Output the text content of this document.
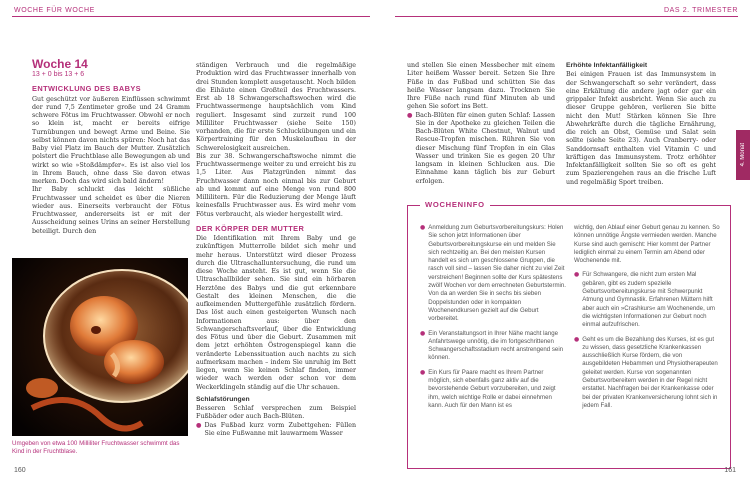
WOCHE FÜR WOCHE	DAS 2. TRIMESTER
Woche 14
13 + 0 bis 13 + 6
ENTWICKLUNG DES BABYS

Gut geschützt vor äußeren Einflüssen schwimmt der rund 7,5 Zentimeter große und 24 Gramm schwere Fötus im Fruchtwasser. Obwohl er noch so klein ist, macht er bereits eifrige Turnübungen und bewegt Arme und Beine. Sie selbst können davon nichts spüren: Noch hat das Baby viel Platz im Bauch der Mutter. Zusätzlich polstert die Fruchtblase alle Bewegungen ab und wirkt so wie »Stoßdämpfer«. Es ist also viel los in Ihrem Bauch, ohne dass Sie davon etwas merken. Doch das wird sich bald ändern!

Ihr Baby schluckt das leicht süßliche Fruchtwasser und scheidet es über die Nieren wieder aus. Einerseits verbraucht der Fötus Fruchtwasser, andererseits ist er mit der Ausscheidung seines Urins an seiner Herstellung beteiligt. Durch den

Umgeben von etwa 100 Milliliter Fruchtwasser schwimmt das Kind in der Fruchtblase.

ständigen Verbrauch und die regelmäßige Produktion wird das Fruchtwasser innerhalb von drei Stunden komplett ausgetauscht. Noch bilden die Eihäute einen Großteil des Fruchtwassers. Erst ab 18 Schwangerschaftswochen wird die Fruchtwassermenge hauptsächlich vom Kind reguliert. Insgesamt sind zurzeit rund 100 Milliliter Fruchtwasser (siehe Seite 150) vorhanden, die für erste Schluckübungen und ein Körpertraining für den Muskelaufbau in der Schwerelosigkeit ausreichen.

Bis zur 38. Schwangerschaftswoche nimmt die Fruchtwassermenge weiter zu und erreicht bis zu 1,5 Liter. Aus Platzgründen nimmt das Fruchtwasser dann noch einmal bis zur Geburt ab und kommt auf eine Menge von rund 800 Millilitern. Für die Reduzierung der Menge läuft keinesfalls Fruchtwasser aus. Es wird mehr vom Fötus verbraucht, als wieder hergestellt wird.

DER KÖRPER DER MUTTER

Die Identifikation mit Ihrem Baby und ge zukünftigen Mutterrolle bildet sich mehr und mehr heraus. Unterstützt wird dieser Prozess durch die Ultraschalluntersuchung, die rund um diese Woche ansteht. Es ist gut, wenn Sie die Ultraschallbilder sehen. Sie sind ein hörbaren Herztöne des Babys und die gut erkennbare Gestalt des kleinen Menschen, die die aufkeimenden Muttergefühle zusätzlich fördern. Das löst auch einen gesteigerten Wunsch nach Informationen aus: über den Schwangerschaftsverlauf, über die Entwicklung des Fötus und über die Geburt. Zusammen mit dem jetzt erhöhten Östrogenspiegel kann die veränderte Lebenssituation auch nachts zu sich aufmerksam machen – indem Sie unruhig im Bett liegen, wenn Sie keinen Schlaf finden, immer wieder wach werden oder schon vor dem Weckerklingeln ständig auf die Uhr schauen.

Schlafstörungen

Besseren Schlaf versprechen zum Beispiel Fußbäder oder auch Bach-Blüten.

● Das Fußbad kurz vorm Zubettgehen: Füllen Sie eine Fußwanne mit lauwarmem Wasser

und stellen Sie einen Messbecher mit einem Liter heißem Wasser bereit. Setzen Sie Ihre Füße in das Fußbad und schütten Sie das heiße Wasser langsam dazu. Trocknen Sie Ihre Füße nach rund fünf Minuten ab und gehen Sie sofort ins Bett.

● Bach-Blüten für einen guten Schlaf: Lassen Sie in der Apotheke zu gleichen Teilen die Bach-Blüten White Chestnut, Walnut und Rescue-Tropfen mischen. Rühren Sie von dieser Mischung fünf Tropfen in ein Glas Wasser und trinken Sie es gegen 20 Uhr langsam in kleinen Schlucken aus. Die Einnahme kann täglich bis zur Geburt erfolgen.
Erhöhte Infektanfälligkeit

Bei einigen Frauen ist das Immunsystem in der Schwangerschaft so sehr verändert, dass eine Erkältung die andere jagt oder gar ein grippaler Infekt ausbricht. Wenn Sie auch zu dieser Gruppe gehören, verlieren Sie bitte nicht den Mut! Stärken können Sie Ihre Abwehrkräfte durch die tägliche Ernährung, die reich an Obst, Gemüse und Salat sein sollte (siehe Seite 23). Auch Cranberry- oder Sanddornsaft enthalten viel Vitamin C und kräftigen das Immunsystem. Trotz erhöhter Infektanfälligkeit sollten Sie so oft es geht zum Spazierengehen raus an die frische Luft und regelmäßig Sport treiben.

4. Monat
WOCHENINFO

● Anmeldung zum Geburtsvorbereitungskurs: Holen Sie schon jetzt Informationen über Geburtsvorbereitungskurse ein und melden Sie sich rechtzeitig an. Bei den meisten Kursen handelt es sich um geschlossene Gruppen, die rasch voll sind – lassen Sie daher nicht zu viel Zeit verstreichen! Beginnen sollte der Kurs spätestens zwölf Wochen vor dem errechneten Geburtstermin. Von da an werden Sie in sechs bis sieben Doppelstunden oder in kompakten Wochenendkursen gezielt auf die Geburt vorbereitet.

● Ein Veranstaltungsort in Ihrer Nähe macht lange Anfahrtswege unnötig, die im fortgeschrittenen Schwangerschaftsstadium recht anstrengend sein können.

● Ein Kurs für Paare macht es Ihrem Partner möglich, sich ebenfalls ganz aktiv auf die bevorstehende Geburt vorzubereiten, und zeigt ihm, welch wichtige Rolle er dabei einnehmen kann. Auch für den Mann ist es

wichtig, den Ablauf einer Geburt genau zu kennen. So können unnötige Ängste vermieden werden. Manche Kurse sind auch gemischt: Hier kommt der Partner lediglich einmal zu einem Termin am Abend oder Wochenende mit.

● Für Schwangere, die nicht zum ersten Mal gebären, gibt es zudem spezielle Geburtsvorbereitungskurse mit Schwerpunkt Atmung und Gymnastik. Erfahrenen Müttern hilft aber auch ein »Crashkurs« am Wochenende, um die wichtigsten Informationen zur Geburt noch einmal aufzufrischen.

● Geht es um die Bezahlung des Kurses, ist es gut zu wissen, dass gesetzliche Krankenkassen ausschließlich Kurse fördern, die von ausgebildeten Hebammen und Physiotherapeuten geleitet werden. Kurse von sogenannten Geburtsvorbereitern werden in der Regel nicht erstattet. Nachfragen bei der Krankenkasse oder bei der privaten Krankenversicherung lohnt sich in jedem Fall.

160	161
